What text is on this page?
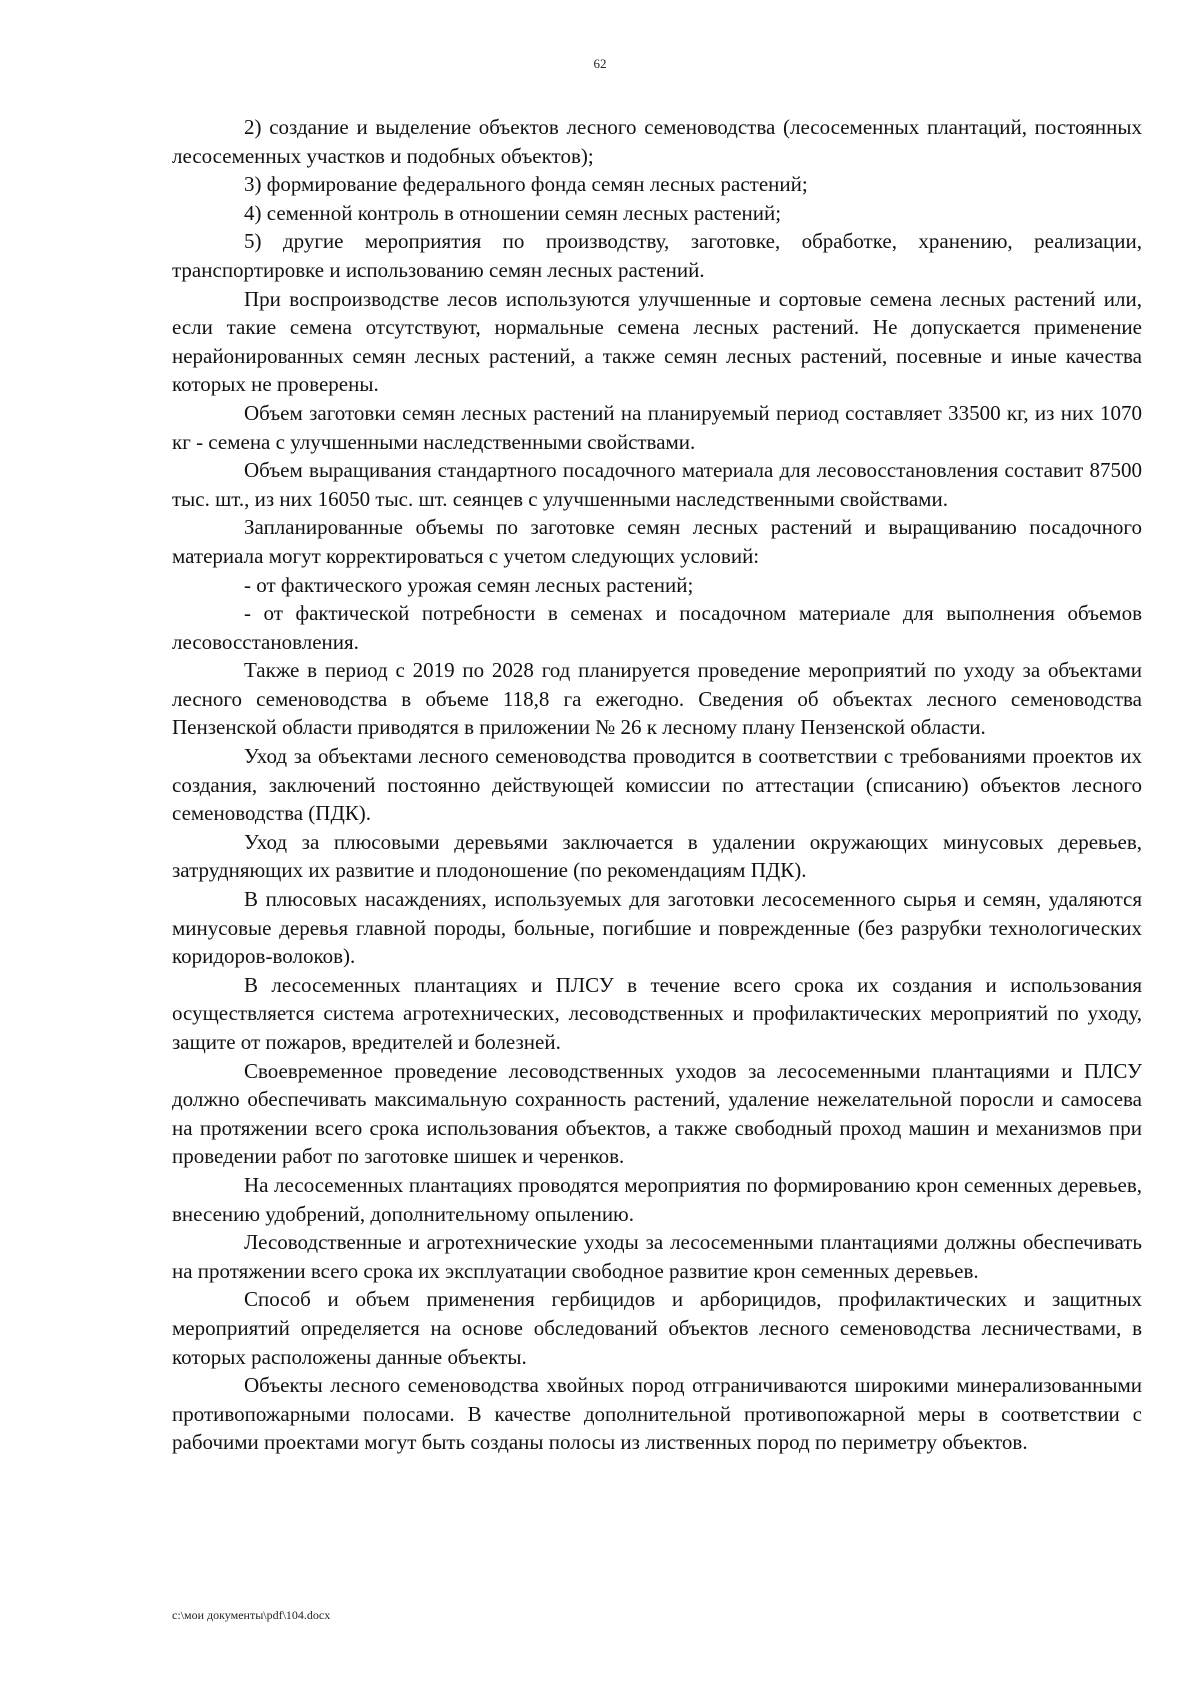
62

2) создание и выделение объектов лесного семеноводства (лесосеменных плантаций, постоянных лесосеменных участков и подобных объектов);

3) формирование федерального фонда семян лесных растений;

4) семенной контроль в отношении семян лесных растений;

5) другие мероприятия по производству, заготовке, обработке, хранению, реализации, транспортировке и использованию семян лесных растений.

При воспроизводстве лесов используются улучшенные и сортовые семена лесных растений или, если такие семена отсутствуют, нормальные семена лесных растений. Не допускается применение нерайонированных семян лесных растений, а также семян лесных растений, посевные и иные качества которых не проверены.

Объем заготовки семян лесных растений на планируемый период составляет 33500 кг, из них 1070 кг - семена с улучшенными наследственными свойствами.

Объем выращивания стандартного посадочного материала для лесовосстановления составит 87500 тыс. шт., из них 16050 тыс. шт. сеянцев с улучшенными наследственными свойствами.

Запланированные объемы по заготовке семян лесных растений и выращиванию посадочного материала могут корректироваться с учетом следующих условий:

- от фактического урожая семян лесных растений;

- от фактической потребности в семенах и посадочном материале для выполнения объемов лесовосстановления.

Также в период с 2019 по 2028 год планируется проведение мероприятий по уходу за объектами лесного семеноводства в объеме 118,8 га ежегодно. Сведения об объектах лесного семеноводства Пензенской области приводятся в приложении № 26 к лесному плану Пензенской области.

Уход за объектами лесного семеноводства проводится в соответствии с требованиями проектов их создания, заключений постоянно действующей комиссии по аттестации (списанию) объектов лесного семеноводства (ПДК).

Уход за плюсовыми деревьями заключается в удалении окружающих минусовых деревьев, затрудняющих их развитие и плодоношение (по рекомендациям ПДК).

В плюсовых насаждениях, используемых для заготовки лесосеменного сырья и семян, удаляются минусовые деревья главной породы, больные, погибшие и поврежденные (без разрубки технологических коридоров-волоков).

В лесосеменных плантациях и ПЛСУ в течение всего срока их создания и использования осуществляется система агротехнических, лесоводственных и профилактических мероприятий по уходу, защите от пожаров, вредителей и болезней.

Своевременное проведение лесоводственных уходов за лесосеменными плантациями и ПЛСУ должно обеспечивать максимальную сохранность растений, удаление нежелательной поросли и самосева на протяжении всего срока использования объектов, а также свободный проход машин и механизмов при проведении работ по заготовке шишек и черенков.

На лесосеменных плантациях проводятся мероприятия по формированию крон семенных деревьев, внесению удобрений, дополнительному опылению.

Лесоводственные и агротехнические уходы за лесосеменными плантациями должны обеспечивать на протяжении всего срока их эксплуатации свободное развитие крон семенных деревьев.

Способ и объем применения гербицидов и арборицидов, профилактических и защитных мероприятий определяется на основе обследований объектов лесного семеноводства лесничествами, в которых расположены данные объекты.

Объекты лесного семеноводства хвойных пород отграничиваются широкими минерализованными противопожарными полосами. В качестве дополнительной противопожарной меры в соответствии с рабочими проектами могут быть созданы полосы из лиственных пород по периметру объектов.

c:\мои документы\pdf\104.docx
